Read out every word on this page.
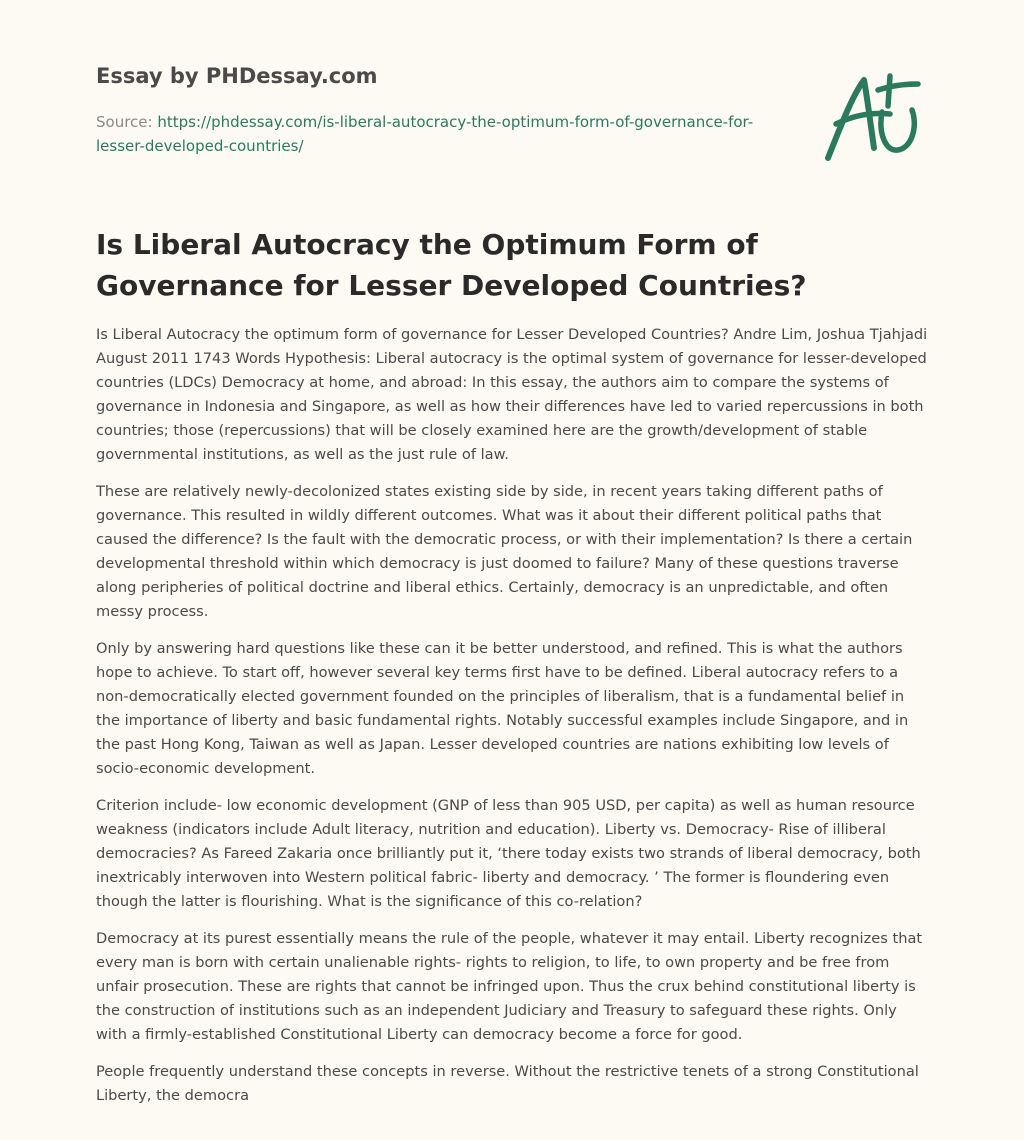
Essay by PHDessay.com
Source: https://phdessay.com/is-liberal-autocracy-the-optimum-form-of-governance-for-lesser-developed-countries/
Is Liberal Autocracy the Optimum Form of Governance for Lesser Developed Countries?

Is Liberal Autocracy the optimum form of governance for Lesser Developed Countries? Andre Lim, Joshua Tjahjadi August 2011 1743 Words Hypothesis: Liberal autocracy is the optimal system of governance for lesser-developed countries (LDCs) Democracy at home, and abroad: In this essay, the authors aim to compare the systems of governance in Indonesia and Singapore, as well as how their differences have led to varied repercussions in both countries; those (repercussions) that will be closely examined here are the growth/development of stable governmental institutions, as well as the just rule of law.

These are relatively newly-decolonized states existing side by side, in recent years taking different paths of governance. This resulted in wildly different outcomes. What was it about their different political paths that caused the difference? Is the fault with the democratic process, or with their implementation? Is there a certain developmental threshold within which democracy is just doomed to failure? Many of these questions traverse along peripheries of political doctrine and liberal ethics. Certainly, democracy is an unpredictable, and often messy process.

Only by answering hard questions like these can it be better understood, and refined. This is what the authors hope to achieve. To start off, however several key terms first have to be defined. Liberal autocracy refers to a non-democratically elected government founded on the principles of liberalism, that is a fundamental belief in the importance of liberty and basic fundamental rights. Notably successful examples include Singapore, and in the past Hong Kong, Taiwan as well as Japan. Lesser developed countries are nations exhibiting low levels of socio-economic development.

Criterion include- low economic development (GNP of less than 905 USD, per capita) as well as human resource weakness (indicators include Adult literacy, nutrition and education). Liberty vs. Democracy- Rise of illiberal democracies? As Fareed Zakaria once brilliantly put it, ‘there today exists two strands of liberal democracy, both inextricably interwoven into Western political fabric- liberty and democracy. ’ The former is floundering even though the latter is flourishing. What is the significance of this co-relation?

Democracy at its purest essentially means the rule of the people, whatever it may entail. Liberty recognizes that every man is born with certain unalienable rights- rights to religion, to life, to own property and be free from unfair prosecution. These are rights that cannot be infringed upon. Thus the crux behind constitutional liberty is the construction of institutions such as an independent Judiciary and Treasury to safeguard these rights. Only with a firmly-established Constitutional Liberty can democracy become a force for good.

People frequently understand these concepts in reverse. Without the restrictive tenets of a strong Constitutional Liberty, the democra
